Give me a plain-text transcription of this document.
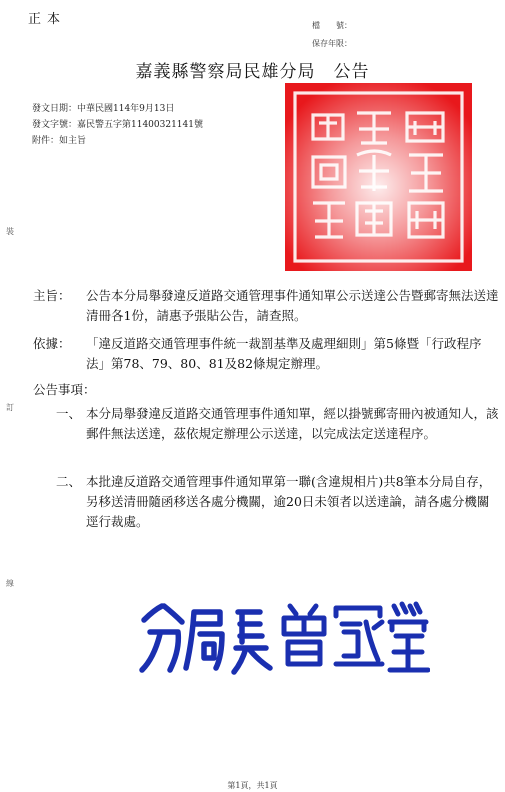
正本	檔　　號：
保存年限：
嘉義縣警察局民雄分局　公告
發文日期：中華民國114年9月13日
發文字號：嘉民警五字第11400321141號
附件：如主旨
裝
訂
線
主旨： 公告本分局舉發違反道路交通管理事件通知單公示送達公告暨郵寄無法送達清冊各1份，請惠予張貼公告，請查照。
依據： 「違反道路交通管理事件統一裁罰基準及處理細則」第5條暨「行政程序法」第78、79、80、81及82條規定辦理。
公告事項：
一、 本分局舉發違反道路交通管理事件通知單，經以掛號郵寄冊內被通知人，該郵件無法送達，茲依規定辦理公示送達，以完成法定送達程序。
二、 本批違反道路交通管理事件通知單第一聯(含違規相片)共8筆本分局自存，另移送清冊隨函移送各處分機關，逾20日未領者以送達論，請各處分機關逕行裁處。
第1頁，共1頁
